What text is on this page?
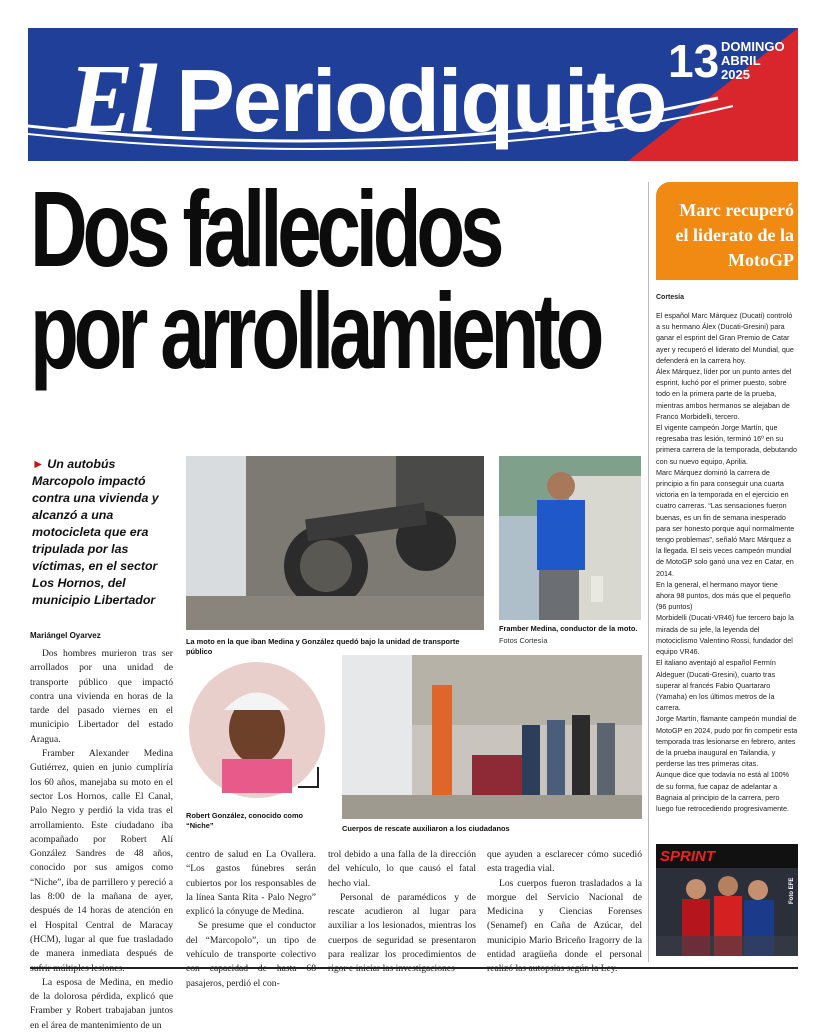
El Periodiquito 13 DOMINGO
ABRIL
2025
Dos fallecidos
por arrollamiento
Marc recuperó el liderato de la MotoGP
Cortesía

El español Marc Márquez (Ducati) controló a su hermano Álex (Ducati-Gresini) para ganar el esprint del Gran Premio de Catar ayer y recuperó el liderato del Mundial, que defenderá en la carrera hoy.

Álex Márquez, líder por un punto antes del esprint, luchó por el primer puesto, sobre todo en la primera parte de la prueba, mientras ambos hermanos se alejaban de Franco Morbidelli, tercero.

El vigente campeón Jorge Martín, que regresaba tras lesión, terminó 16º en su primera carrera de la temporada, debutando con su nuevo equipo, Aprilia.

Marc Márquez dominó la carrera de principio a fin para conseguir una cuarta victoria en la temporada en el ejercicio en cuatro carreras. “Las sensaciones fueron buenas, es un fin de semana inesperado para ser honesto porque aquí normalmente tengo problemas”, señaló Marc Márquez a la llegada. El seis veces campeón mundial de MotoGP solo ganó una vez en Catar, en 2014.

En la general, el hermano mayor tiene ahora 98 puntos, dos más que el pequeño (96 puntos)

Morbidelli (Ducati-VR46) fue tercero bajo la mirada de su jefe, la leyenda del motociclismo Valentino Rossi, fundador del equipo VR46.

El italiano aventajó al español Fermín Aldeguer (Ducati-Gresini), cuarto tras superar al francés Fabio Quartararo (Yamaha) en los últimos metros de la carrera.

Jorge Martín, flamante campeón mundial de MotoGP en 2024, pudo por fin competir esta temporada tras lesionarse en febrero, antes de la prueba inaugural en Tailandia, y perderse las tres primeras citas.

Aunque dice que todavía no está al 100% de su forma, fue capaz de adelantar a Bagnaia al principio de la carrera, pero luego fue retrocediendo progresivamente.

SPRINT
Foto EFE
► Un autobús Marcopolo impactó contra una vivienda y alcanzó a una motocicleta que era tripulada por las víctimas, en el sector Los Hornos, del municipio Libertador
Mariángel Oyarvez
La moto en la que iban Medina y González quedó bajo la unidad de transporte público
Framber Medina, conductor de la moto.
Fotos Cortesía
Robert González, conocido como “Niche”	Cuerpos de rescate auxiliaron a los ciudadanos

Dos hombres murieron tras ser arrollados por una unidad de transporte público que impactó contra una vivienda en horas de la tarde del pasado viernes en el municipio Libertador del estado Aragua.

Framber Alexander Medina Gutiérrez, quien en junio cumpliría los 60 años, manejaba su moto en el sector Los Hornos, calle El Canal, Palo Negro y perdió la vida tras el arrollamiento. Este ciudadano iba acompañado por Robert Alí González Sandres de 48 años, conocido por sus amigos como “Niche”, iba de parrillero y pereció a las 8:00 de la mañana de ayer, después de 14 horas de atención en el Hospital Central de Maracay (HCM), lugar al que fue trasladado de manera inmediata después de

La esposa de Medina, en medio de la dolorosa pérdida, explicó que Framber y Robert trabajaban juntos en el área de mantenimiento de un

centro de salud en La Ovallera. “Los gastos fúnebres serán cubiertos por los responsables de la línea Santa Rita - Palo Negro” explicó la cónyuge de Medina.

Se presume que el conductor del “Marcopolo”, un tipo de vehículo de transporte colectivo pasajeros, perdió el con-

trol debido a una falla de la dirección del vehículo, lo que causó el fatal hecho vial.

Personal de paramédicos y de rescate acudieron al lugar para auxiliar a los lesionados, mientras los cuerpos de seguridad se presentaron para realizar los procedimientos de

que ayuden a esclarecer cómo sucedió esta tragedia vial.

Los cuerpos fueron trasladados a la morgue del Servicio Nacional de Medicina y Ciencias Forenses (Senamef) en Caña de Azúcar, del municipio Mario Briceño Iragorry de la entidad aragüeña donde el personal
